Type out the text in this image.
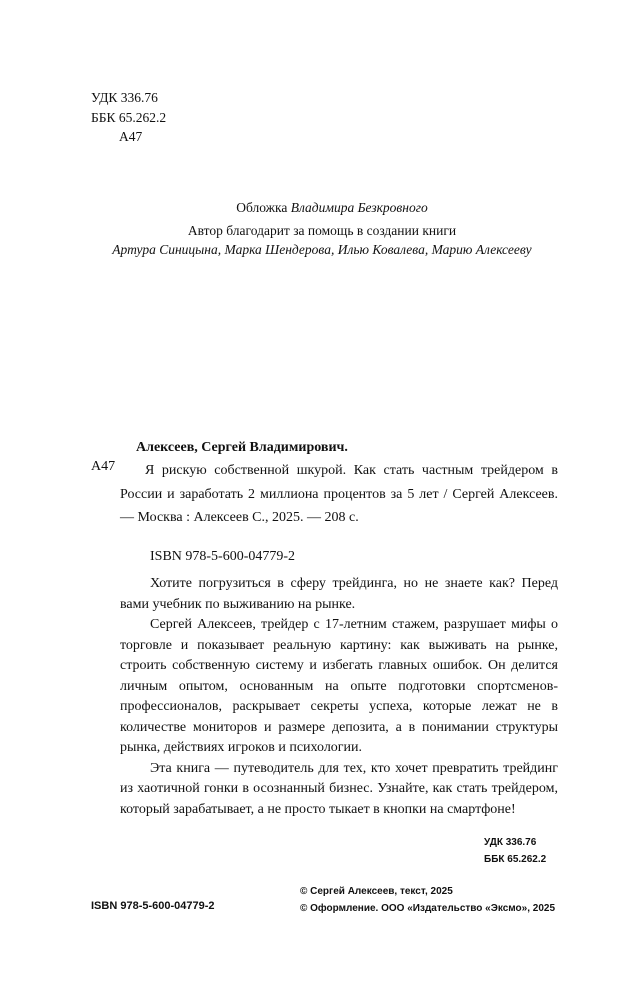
УДК 336.76
ББК 65.262.2
А47
Обложка Владимира Безкровного
Автор благодарит за помощь в создании книги
Артура Синицына, Марка Шендерова, Илью Ковалева, Марию Алексееву
Алексеев, Сергей Владимирович.
А47	Я рискую собственной шкурой. Как стать частным трейдером в России и заработать 2 миллиона процентов за 5 лет / Сергей Алексеев. — Москва : Алексеев С., 2025. — 208 с.
ISBN 978-5-600-04779-2

Хотите погрузиться в сферу трейдинга, но не знаете как? Перед вами учебник по выживанию на рынке.

Сергей Алексеев, трейдер с 17-летним стажем, разрушает мифы о торговле и показывает реальную картину: как выживать на рынке, строить собственную систему и избегать главных ошибок. Он делится личным опытом, основанным на опыте подготовки спортсменов-профессионалов, раскрывает секреты успеха, которые лежат не в количестве мониторов и размере депозита, а в понимании структуры рынка, действиях игроков и психологии.

Эта книга — путеводитель для тех, кто хочет превратить трейдинг из хаотичной гонки в осознанный бизнес. Узнайте, как стать трейдером, который зарабатывает, а не просто тыкает в кнопки на смартфоне!

УДК 336.76
ББК 65.262.2
ISBN 978-5-600-04779-2
© Сергей Алексеев, текст, 2025
© Оформление. ООО «Издательство «Эксмо», 2025
